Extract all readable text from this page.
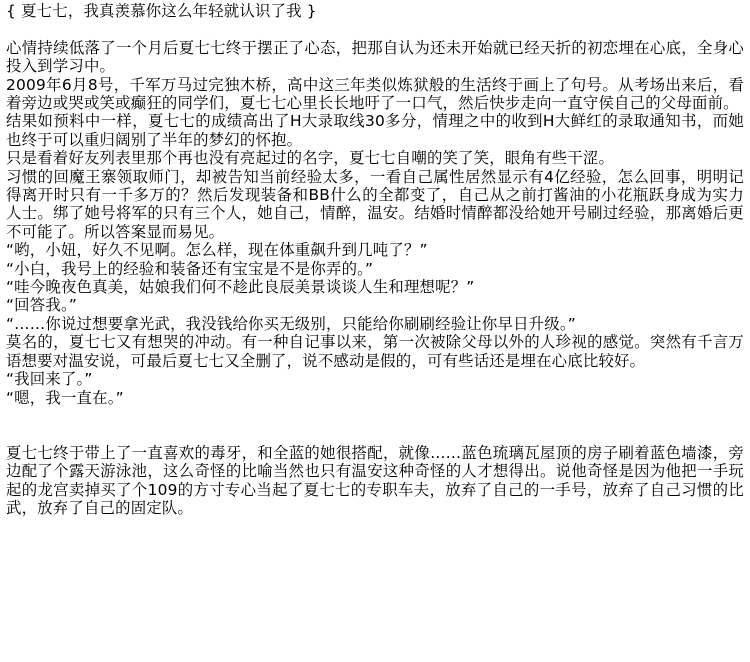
{ 夏七七，我真羡慕你这么年轻就认识了我 }

心情持续低落了一个月后夏七七终于摆正了心态，把那自认为还未开始就已经天折的初恋埋在心底，全身心投入到学习中。

2009年6月8号，千军万马过完独木桥，高中这三年类似炼狱般的生活终于画上了句号。从考场出来后，看着旁边或哭或笑或癫狂的同学们，夏七七心里长长地吁了一口气，然后快步走向一直守侯自己的父母面前。

结果如预料中一样，夏七七的成绩高出了H大录取线30多分，情理之中的收到H大鲜红的录取通知书，而她也终于可以重归阔别了半年的梦幻的怀抱。

只是看着好友列表里那个再也没有亮起过的名字，夏七七自嘲的笑了笑，眼角有些干涩。

习惯的回魔王寨领取师门，却被告知当前经验太多，一看自己属性居然显示有4亿经验，怎么回事，明明记得离开时只有一千多万的？然后发现装备和BB什么的全都变了，自己从之前打酱油的小花瓶跃身成为实力人士。绑了她号将军的只有三个人，她自己，情醉，温安。结婚时情醉都没给她开号刷过经验，那离婚后更不可能了。所以答案显而易见。

“哟，小妞，好久不见啊。怎么样，现在体重飙升到几吨了？”

“小白，我号上的经验和装备还有宝宝是不是你弄的。”

“哇今晚夜色真美，姑娘我们何不趁此良辰美景谈谈人生和理想呢？”

“回答我。”

“……你说过想要拿光武，我没钱给你买无级别，只能给你刷刷经验让你早日升级。”

莫名的，夏七七又有想哭的冲动。有一种自记事以来，第一次被除父母以外的人珍视的感觉。突然有千言万语想要对温安说，可最后夏七七又全删了，说不感动是假的，可有些话还是埋在心底比较好。

“我回来了。”

“嗯，我一直在。”

夏七七终于带上了一直喜欢的毒牙，和全蓝的她很搭配，就像……蓝色琉璃瓦屋顶的房子刷着蓝色墙漆，旁边配了个露天游泳池，这么奇怪的比喻当然也只有温安这种奇怪的人才想得出。说他奇怪是因为他把一手玩起的龙宫卖掉买了个109的方寸专心当起了夏七七的专职车夫，放弃了自己的一手号，放弃了自己习惯的比武，放弃了自己的固定队。
